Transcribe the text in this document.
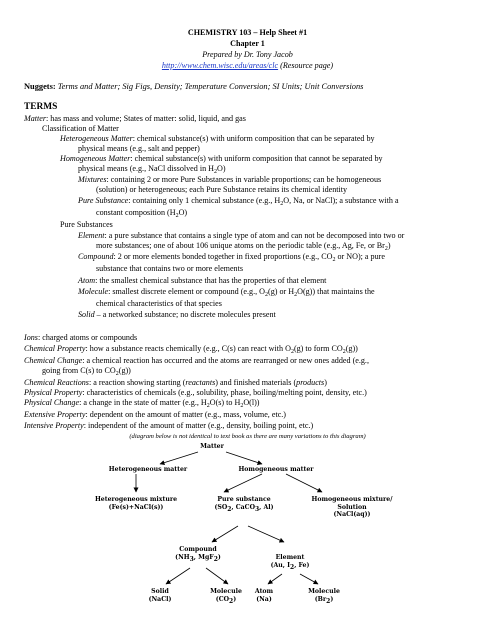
CHEMISTRY 103 – Help Sheet #1
Chapter 1
Prepared by Dr. Tony Jacob
http://www.chem.wisc.edu/areas/clc (Resource page)
Nuggets: Terms and Matter; Sig Figs, Density; Temperature Conversion; SI Units; Unit Conversions
TERMS
Matter: has mass and volume; States of matter: solid, liquid, and gas
Classification of Matter
Heterogeneous Matter: chemical substance(s) with uniform composition that can be separated by
physical means (e.g., salt and pepper)
Homogeneous Matter: chemical substance(s) with uniform composition that cannot be separated by
physical means (e.g., NaCl dissolved in $H_2O$)
Mixtures: containing 2 or more Pure Substances in variable proportions; can be homogeneous
(solution) or heterogeneous; each Pure Substance retains its chemical identity
Pure Substance: containing only 1 chemical substance (e.g., $H_2O$, Na, or NaCl); a substance with a
constant composition $(H_2O)$
Pure Substances
Element: a pure substance that contains a single type of atom and can not be decomposed into two or
more substances; one of about 106 unique atoms on the periodic table (e.g., Ag, Fe, or $Br_2$)
Compound: 2 or more elements bonded together in fixed proportions (e.g., $CO_2$ or NO); a pure
substance that contains two or more elements
Atom: the smallest chemical substance that has the properties of that element
Molecule: smallest discrete element or compound (e.g., $O_2(g)$ or $H_2O(g)$) that maintains the
chemical characteristics of that species
Solid – a networked substance; no discrete molecules present
Ions: charged atoms or compounds
Chemical Property: how a substance reacts chemically (e.g., C(s) can react with $O_2(g)$ to form $CO_2(g)$)
Chemical Change: a chemical reaction has occurred and the atoms are rearranged or new ones added (e.g.,
going from C(s) to $CO_2(g)$)
Chemical Reactions: a reaction showing starting (reactants) and finished materials (products)
Physical Property: characteristics of chemicals (e.g., solubility, phase, boiling/melting point, density, etc.)
Physical Change: a change in the state of matter (e.g., $H_2O(s)$ to $H_2O(l)$)
Extensive Property: dependent on the amount of matter (e.g., mass, volume, etc.)
Intensive Property: independent of the amount of matter (e.g., density, boiling point, etc.)
(diagram below is not identical to text book as there are many variations to this diagram)
Matter
Heterogeneous matter	Homogeneous matter
Heterogeneous mixture
(Fe(s)+NaCl(s))
Pure substance
($SO_2$, CaCO$_3$, Al)
Homogeneous mixture/
Solution
(NaCl(aq))
Compound
($NH_3$, MgF$_2$)	Element
(Au, $I_2$, Fe)
Solid
(NaCl)
Molecule
$(CO_2)$
Atom
(Na)
Molecule
$(Br_2)$
